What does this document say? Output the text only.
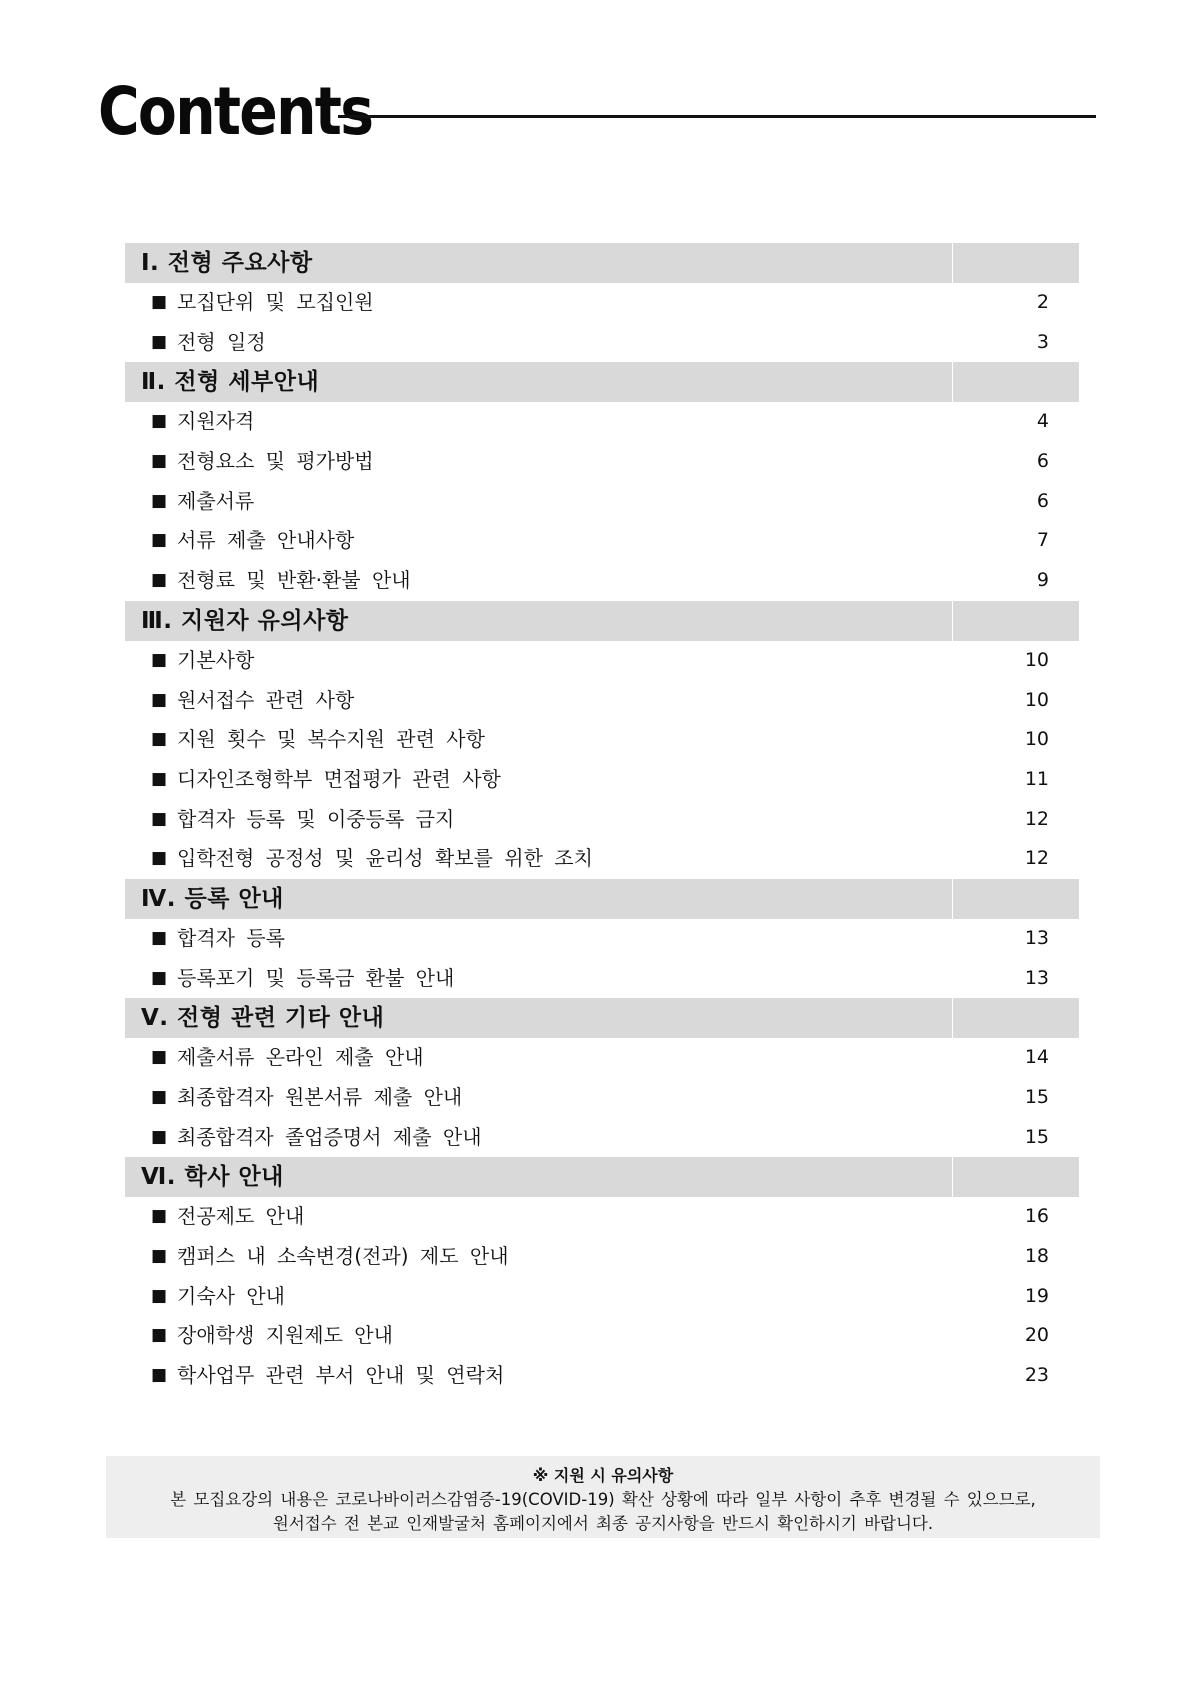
Contents
Ⅰ. 전형 주요사항
■ 모집단위 및 모집인원	2
■ 전형 일정	3
Ⅱ. 전형 세부안내
■ 지원자격	4
■ 전형요소 및 평가방법	6
■ 제출서류	6
■ 서류 제출 안내사항	7
■ 전형료 및 반환·환불 안내	9
Ⅲ. 지원자 유의사항
■ 기본사항	10
■ 원서접수 관련 사항	10
■ 지원 횟수 및 복수지원 관련 사항	10
■ 디자인조형학부 면접평가 관련 사항	11
■ 합격자 등록 및 이중등록 금지	12
■ 입학전형 공정성 및 윤리성 확보를 위한 조치	12
Ⅳ. 등록 안내
■ 합격자 등록	13
■ 등록포기 및 등록금 환불 안내	13
Ⅴ. 전형 관련 기타 안내
■ 제출서류 온라인 제출 안내	14
■ 최종합격자 원본서류 제출 안내	15
■ 최종합격자 졸업증명서 제출 안내	15
Ⅵ. 학사 안내
■ 전공제도 안내	16
■ 캠퍼스 내 소속변경(전과) 제도 안내	18
■ 기숙사 안내	19
■ 장애학생 지원제도 안내	20
■ 학사업무 관련 부서 안내 및 연락처	23
※ 지원 시 유의사항
본 모집요강의 내용은 코로나바이러스감염증-19(COVID-19) 확산 상황에 따라 일부 사항이 추후 변경될 수 있으므로,
원서접수 전 본교 인재발굴처 홈페이지에서 최종 공지사항을 반드시 확인하시기 바랍니다.
